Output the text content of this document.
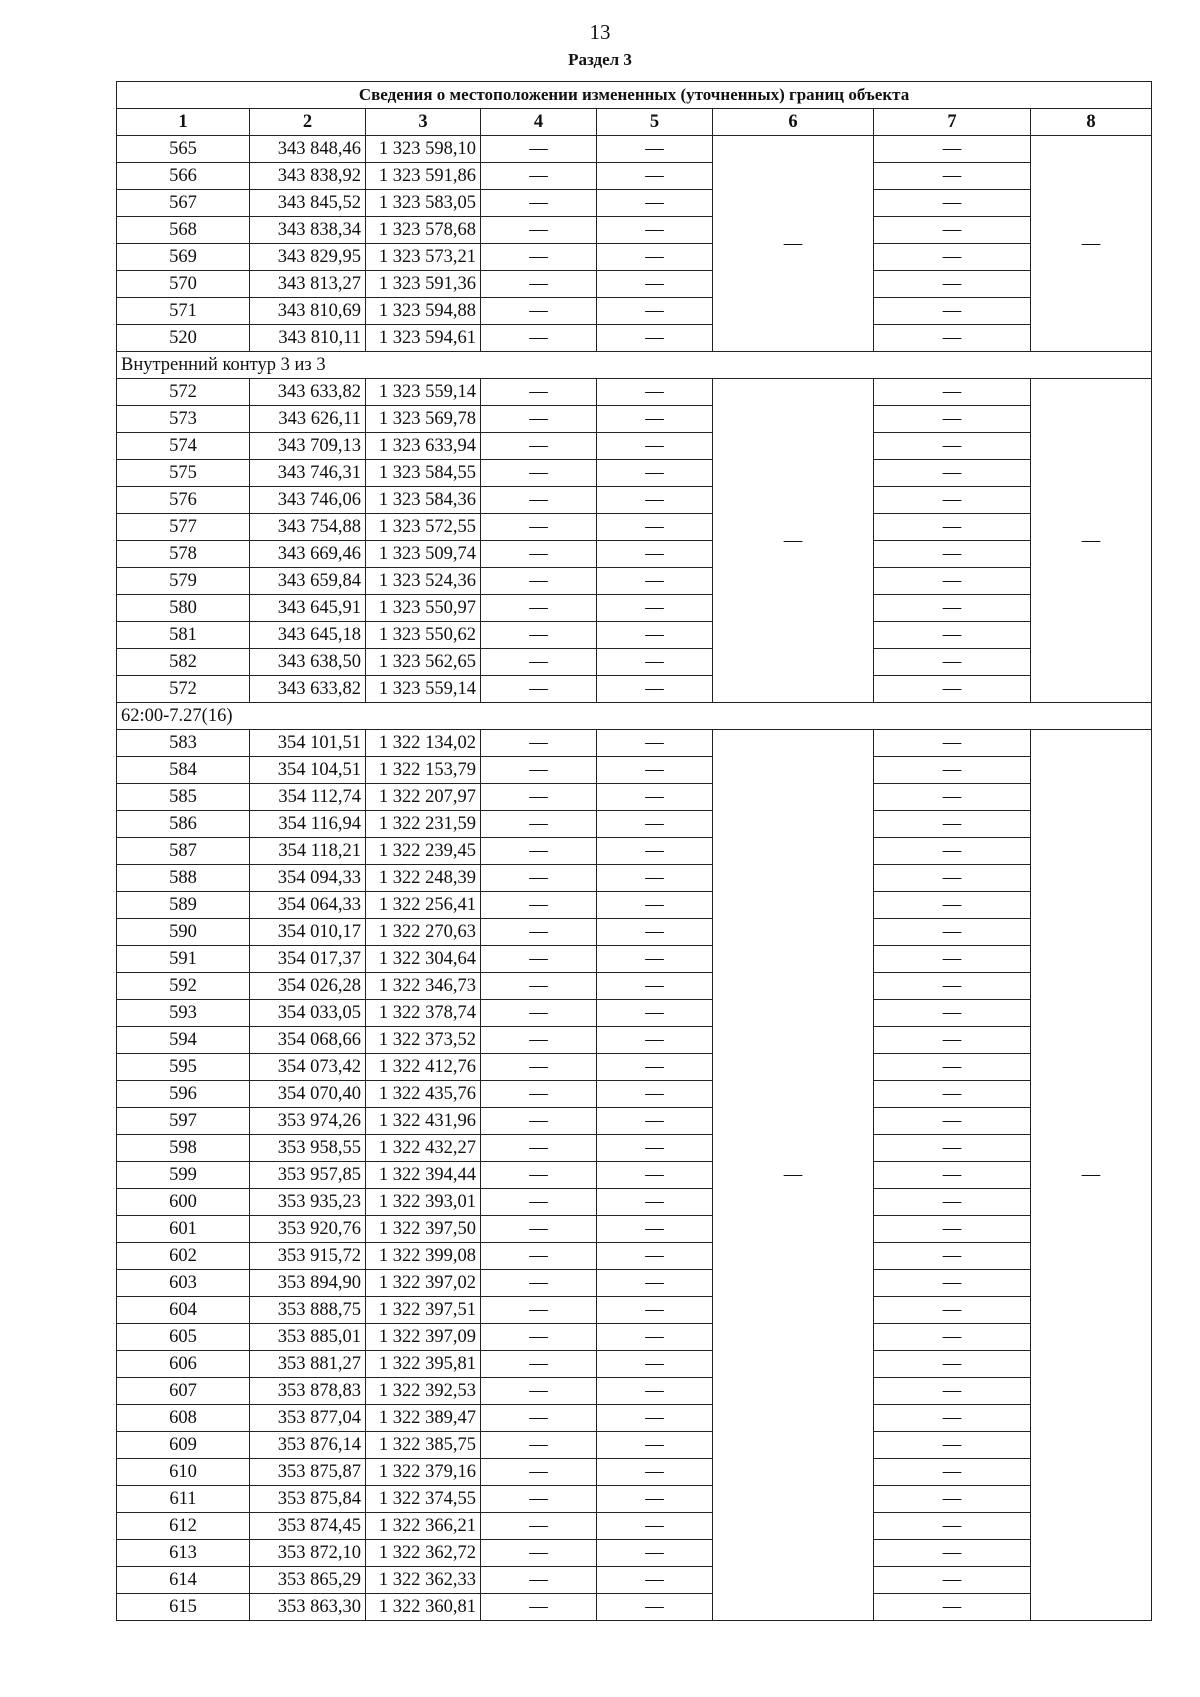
13
Раздел 3
Сведения о местоположении измененных (уточненных) границ объекта							
1	2	3	4	5	6	7	8
565	343 848,46	1 323 598,10	—	—	—	—	—
566	343 838,92	1 323 591,86	—	—		—	
567	343 845,52	1 323 583,05	—	—		—	
568	343 838,34	1 323 578,68	—	—		—	
569	343 829,95	1 323 573,21	—	—		—	
570	343 813,27	1 323 591,36	—	—		—	
571	343 810,69	1 323 594,88	—	—		—	
520	343 810,11	1 323 594,61	—	—		—	
Внутренний контур 3 из 3							
572	343 633,82	1 323 559,14	—	—	—	—	—
573	343 626,11	1 323 569,78	—	—		—	
574	343 709,13	1 323 633,94	—	—		—	
575	343 746,31	1 323 584,55	—	—		—	
576	343 746,06	1 323 584,36	—	—		—	
577	343 754,88	1 323 572,55	—	—		—	
578	343 669,46	1 323 509,74	—	—		—	
579	343 659,84	1 323 524,36	—	—		—	
580	343 645,91	1 323 550,97	—	—		—	
581	343 645,18	1 323 550,62	—	—		—	
582	343 638,50	1 323 562,65	—	—		—	
572	343 633,82	1 323 559,14	—	—		—	
62:00-7.27(16)							
583	354 101,51	1 322 134,02	—	—	—	—	—
584	354 104,51	1 322 153,79	—	—		—	
585	354 112,74	1 322 207,97	—	—		—	
586	354 116,94	1 322 231,59	—	—		—	
587	354 118,21	1 322 239,45	—	—		—	
588	354 094,33	1 322 248,39	—	—		—	
589	354 064,33	1 322 256,41	—	—		—	
590	354 010,17	1 322 270,63	—	—		—	
591	354 017,37	1 322 304,64	—	—		—	
592	354 026,28	1 322 346,73	—	—		—	
593	354 033,05	1 322 378,74	—	—		—	
594	354 068,66	1 322 373,52	—	—		—	
595	354 073,42	1 322 412,76	—	—		—	
596	354 070,40	1 322 435,76	—	—		—	
597	353 974,26	1 322 431,96	—	—		—	
598	353 958,55	1 322 432,27	—	—		—	
599	353 957,85	1 322 394,44	—	—		—	
600	353 935,23	1 322 393,01	—	—		—	
601	353 920,76	1 322 397,50	—	—		—	
602	353 915,72	1 322 399,08	—	—		—	
603	353 894,90	1 322 397,02	—	—		—	
604	353 888,75	1 322 397,51	—	—		—	
605	353 885,01	1 322 397,09	—	—		—	
606	353 881,27	1 322 395,81	—	—		—	
607	353 878,83	1 322 392,53	—	—		—	
608	353 877,04	1 322 389,47	—	—		—	
609	353 876,14	1 322 385,75	—	—		—	
610	353 875,87	1 322 379,16	—	—		—	
611	353 875,84	1 322 374,55	—	—		—	
612	353 874,45	1 322 366,21	—	—		—	
613	353 872,10	1 322 362,72	—	—		—	
614	353 865,29	1 322 362,33	—	—		—	
615	353 863,30	1 322 360,81	—	—		—	
